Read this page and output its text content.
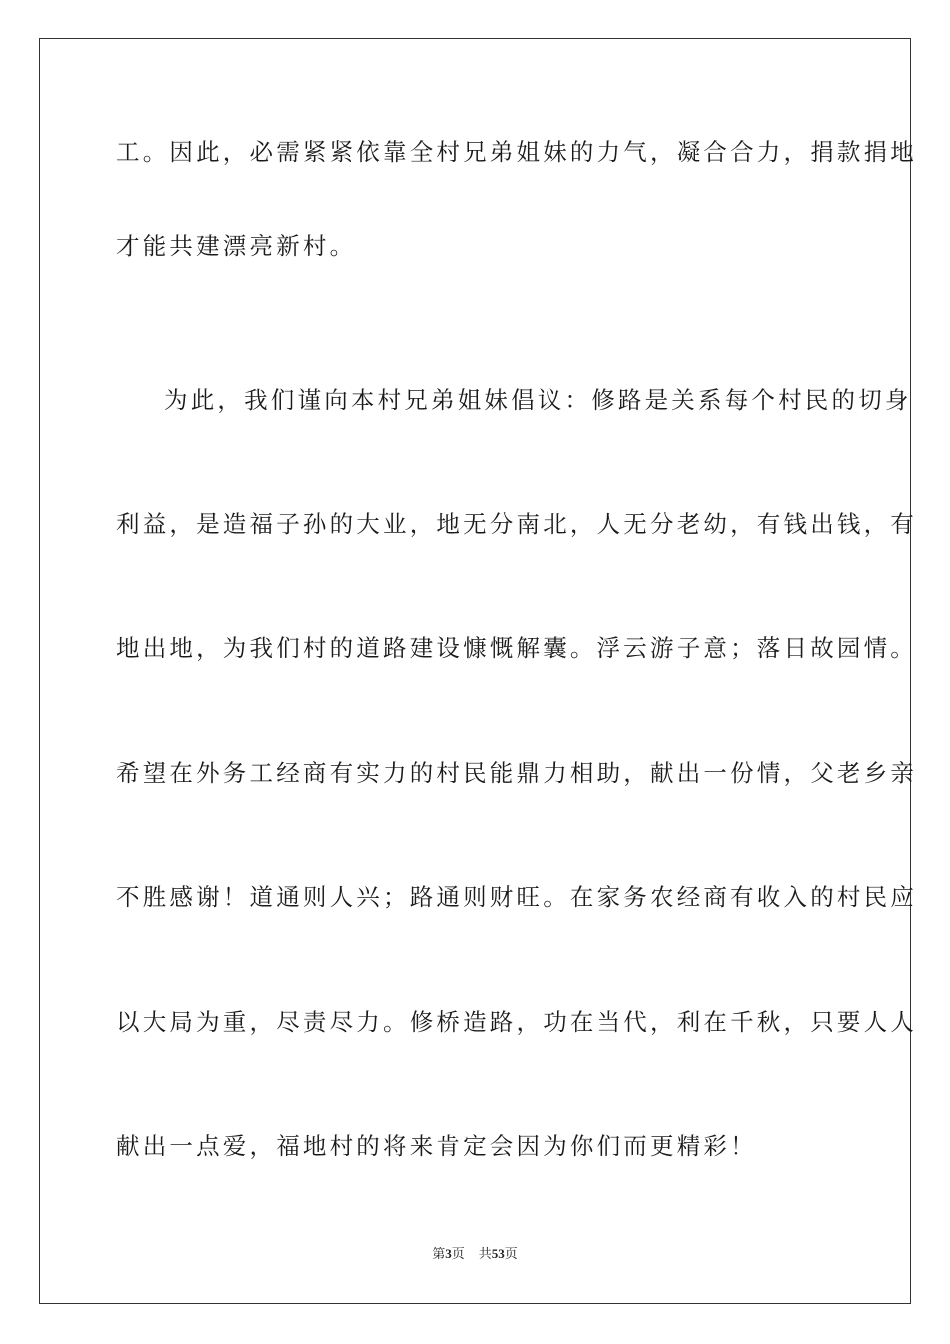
工。因此，必需紧紧依靠全村兄弟姐妹的力气，凝合合力，捐款捐地
才能共建漂亮新村。
为此，我们谨向本村兄弟姐妹倡议：修路是关系每个村民的切身
利益，是造福子孙的大业，地无分南北，人无分老幼，有钱出钱，有
地出地，为我们村的道路建设慷慨解囊。浮云游子意；落日故园情。
希望在外务工经商有实力的村民能鼎力相助，献出一份情，父老乡亲
不胜感谢！道通则人兴；路通则财旺。在家务农经商有收入的村民应
以大局为重，尽责尽力。修桥造路，功在当代，利在千秋，只要人人
献出一点爱，福地村的将来肯定会因为你们而更精彩！
第3页 共53页
